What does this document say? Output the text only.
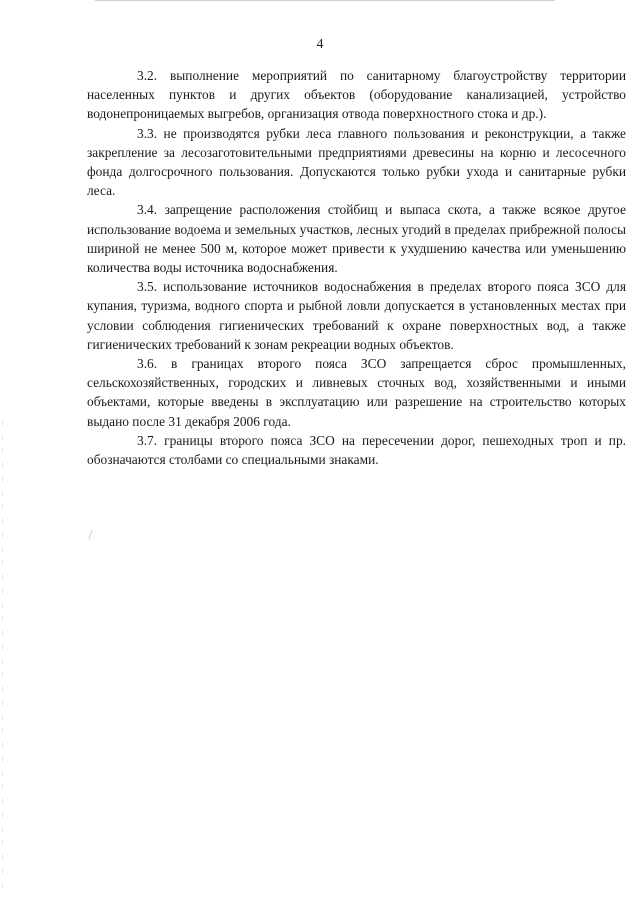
4

3.2. выполнение мероприятий по санитарному благоустройству территории населенных пунктов и других объектов (оборудование канализацией, устройство водонепроницаемых выгребов, организация отвода поверхностного стока и др.).

3.3. не производятся рубки леса главного пользования и реконструкции, а также закрепление за лесозаготовительными предприятиями древесины на корню и лесосечного фонда долгосрочного пользования. Допускаются только рубки ухода и санитарные рубки леса.

3.4. запрещение расположения стойбищ и выпаса скота, а также всякое другое использование водоема и земельных участков, лесных угодий в пределах прибрежной полосы шириной не менее 500 м, которое может привести к ухудшению качества или уменьшению количества воды источника водоснабжения.

3.5. использование источников водоснабжения в пределах второго пояса ЗСО для купания, туризма, водного спорта и рыбной ловли допускается в установленных местах при условии соблюдения гигиенических требований к охране поверхностных вод, а также гигиенических требований к зонам рекреации водных объектов.

3.6. в границах второго пояса ЗСО запрещается сброс промышленных, сельскохозяйственных, городских и ливневых сточных вод, хозяйственными и иными объектами, которые введены в эксплуатацию или разрешение на строительство которых выдано после 31 декабря 2006 года.

3.7. границы второго пояса ЗСО на пересечении дорог, пешеходных троп и пр. обозначаются столбами со специальными знаками.
